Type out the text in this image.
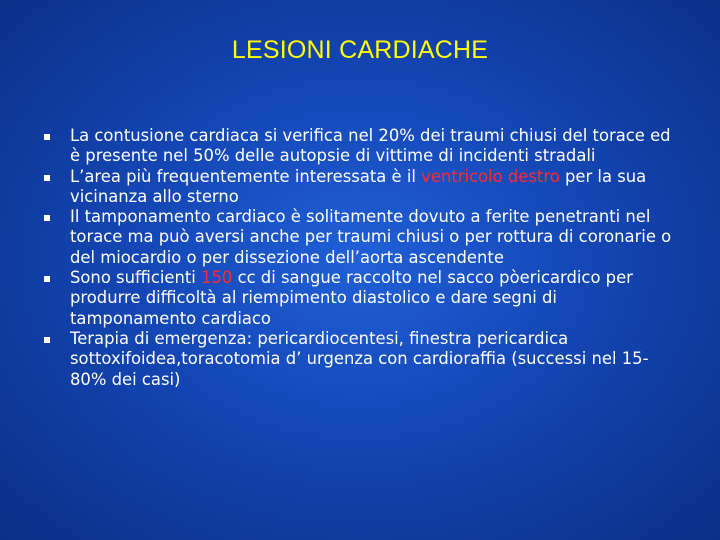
LESIONI CARDIACHE
La contusione cardiaca si verifica nel 20% dei traumi chiusi del torace ed è presente nel 50% delle autopsie di vittime di incidenti stradali
L’area più frequentemente interessata è il ventricolo destro per la sua vicinanza allo sterno
Il tamponamento cardiaco è solitamente dovuto a ferite penetranti nel torace ma può aversi anche per traumi chiusi o per rottura di coronarie o del miocardio o per dissezione dell’aorta ascendente
Sono sufficienti 150 cc di sangue raccolto nel sacco pòericardico per produrre difficoltà al riempimento diastolico e dare segni di tamponamento cardiaco
Terapia di emergenza: pericardiocentesi, finestra pericardica sottoxifoidea,toracotomia d’ urgenza con cardioraffia (successi nel 15-80% dei casi)
